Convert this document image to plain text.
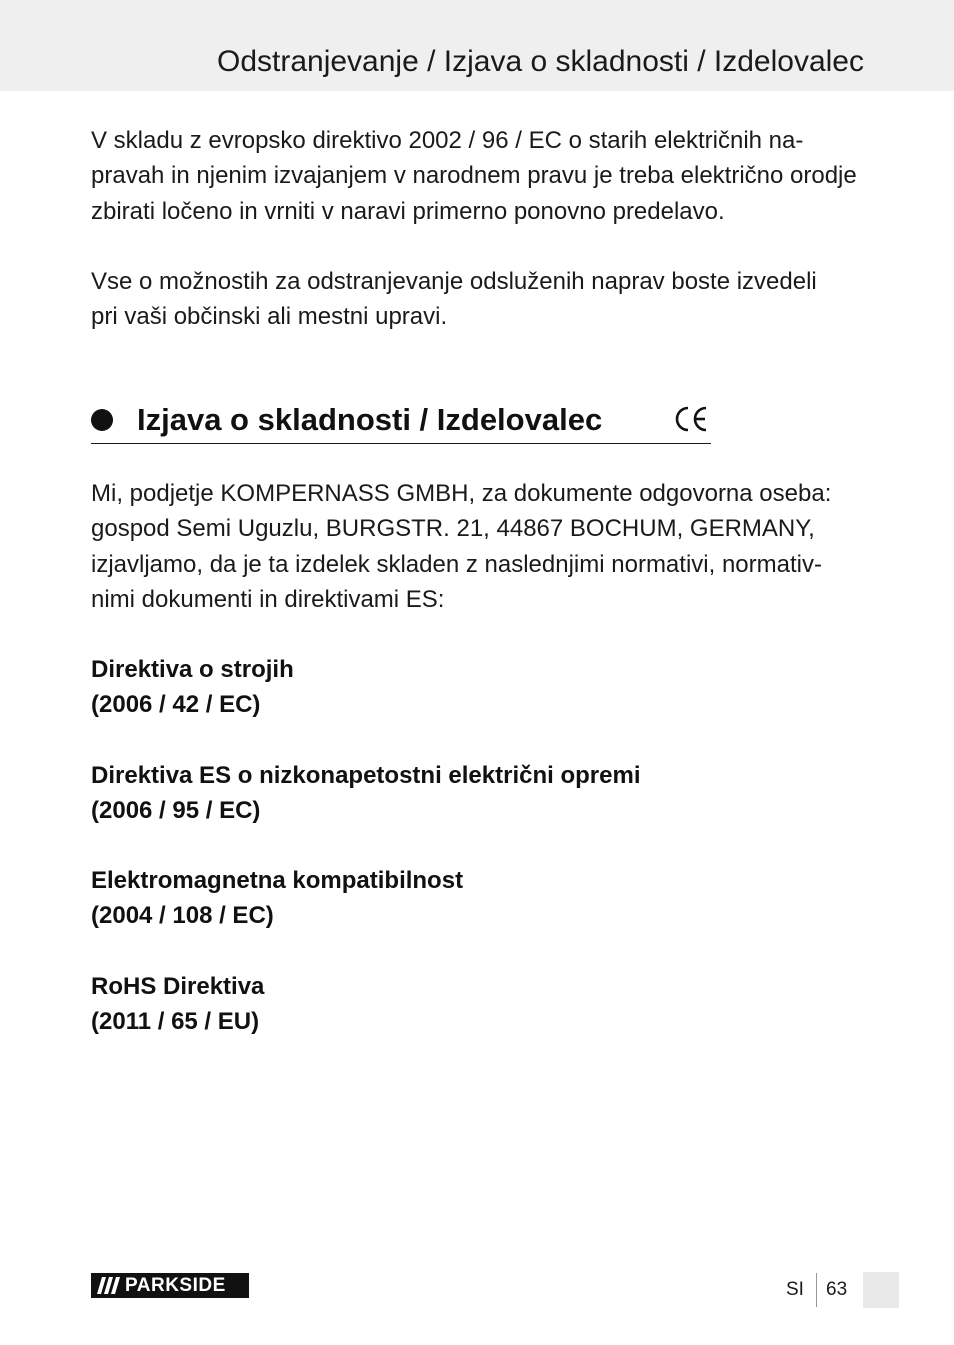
Odstranjevanje / Izjava o skladnosti / Izdelovalec
V skladu z evropsko direktivo 2002 / 96 / EC o starih električnih na-
pravah in njenim izvajanjem v narodnem pravu je treba električno orodje
zbirati ločeno in vrniti v naravi primerno ponovno predelavo.
Vse o možnostih za odstranjevanje odsluženih naprav boste izvedeli
pri vaši občinski ali mestni upravi.
Izjava o skladnosti / Izdelovalec
Mi, podjetje KOMPERNASS GMBH, za dokumente odgovorna oseba:
gospod Semi Uguzlu, BURGSTR. 21, 44867 BOCHUM, GERMANY,
izjavljamo, da je ta izdelek skladen z naslednjimi normativi, normativ-
nimi dokumenti in direktivami ES:
Direktiva o strojih
(2006 / 42 / EC)
Direktiva ES o nizkonapetostni električni opremi
(2006 / 95 / EC)
Elektromagnetna kompatibilnost
(2004 / 108 / EC)
RoHS Direktiva
(2011 / 65 / EU)
PARKSIDE	SI 63
